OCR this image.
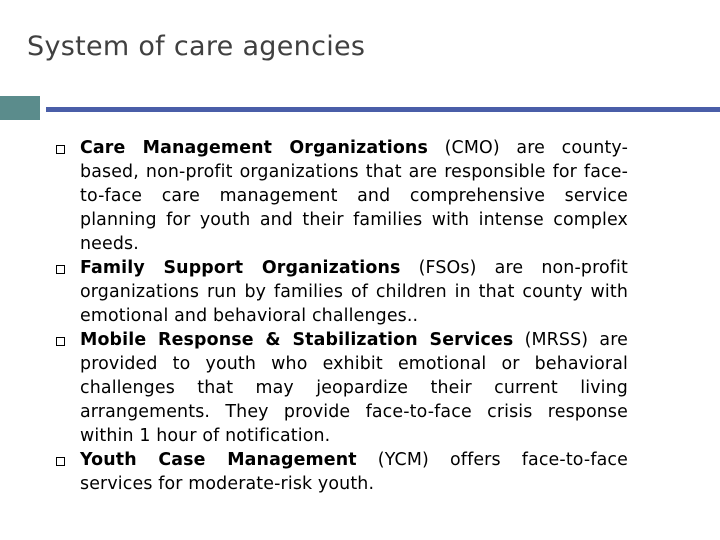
System of care agencies
Care Management Organizations (CMO) are county-based, non-profit organizations that are responsible for face-to-face care management and comprehensive service planning for youth and their families with intense complex needs.
Family Support Organizations (FSOs) are non-profit organizations run by families of children in that county with emotional and behavioral challenges..
Mobile Response & Stabilization Services (MRSS) are provided to youth who exhibit emotional or behavioral challenges that may jeopardize their current living arrangements. They provide face-to-face crisis response within 1 hour of notification.
Youth Case Management (YCM) offers face-to-face services for moderate-risk youth.
